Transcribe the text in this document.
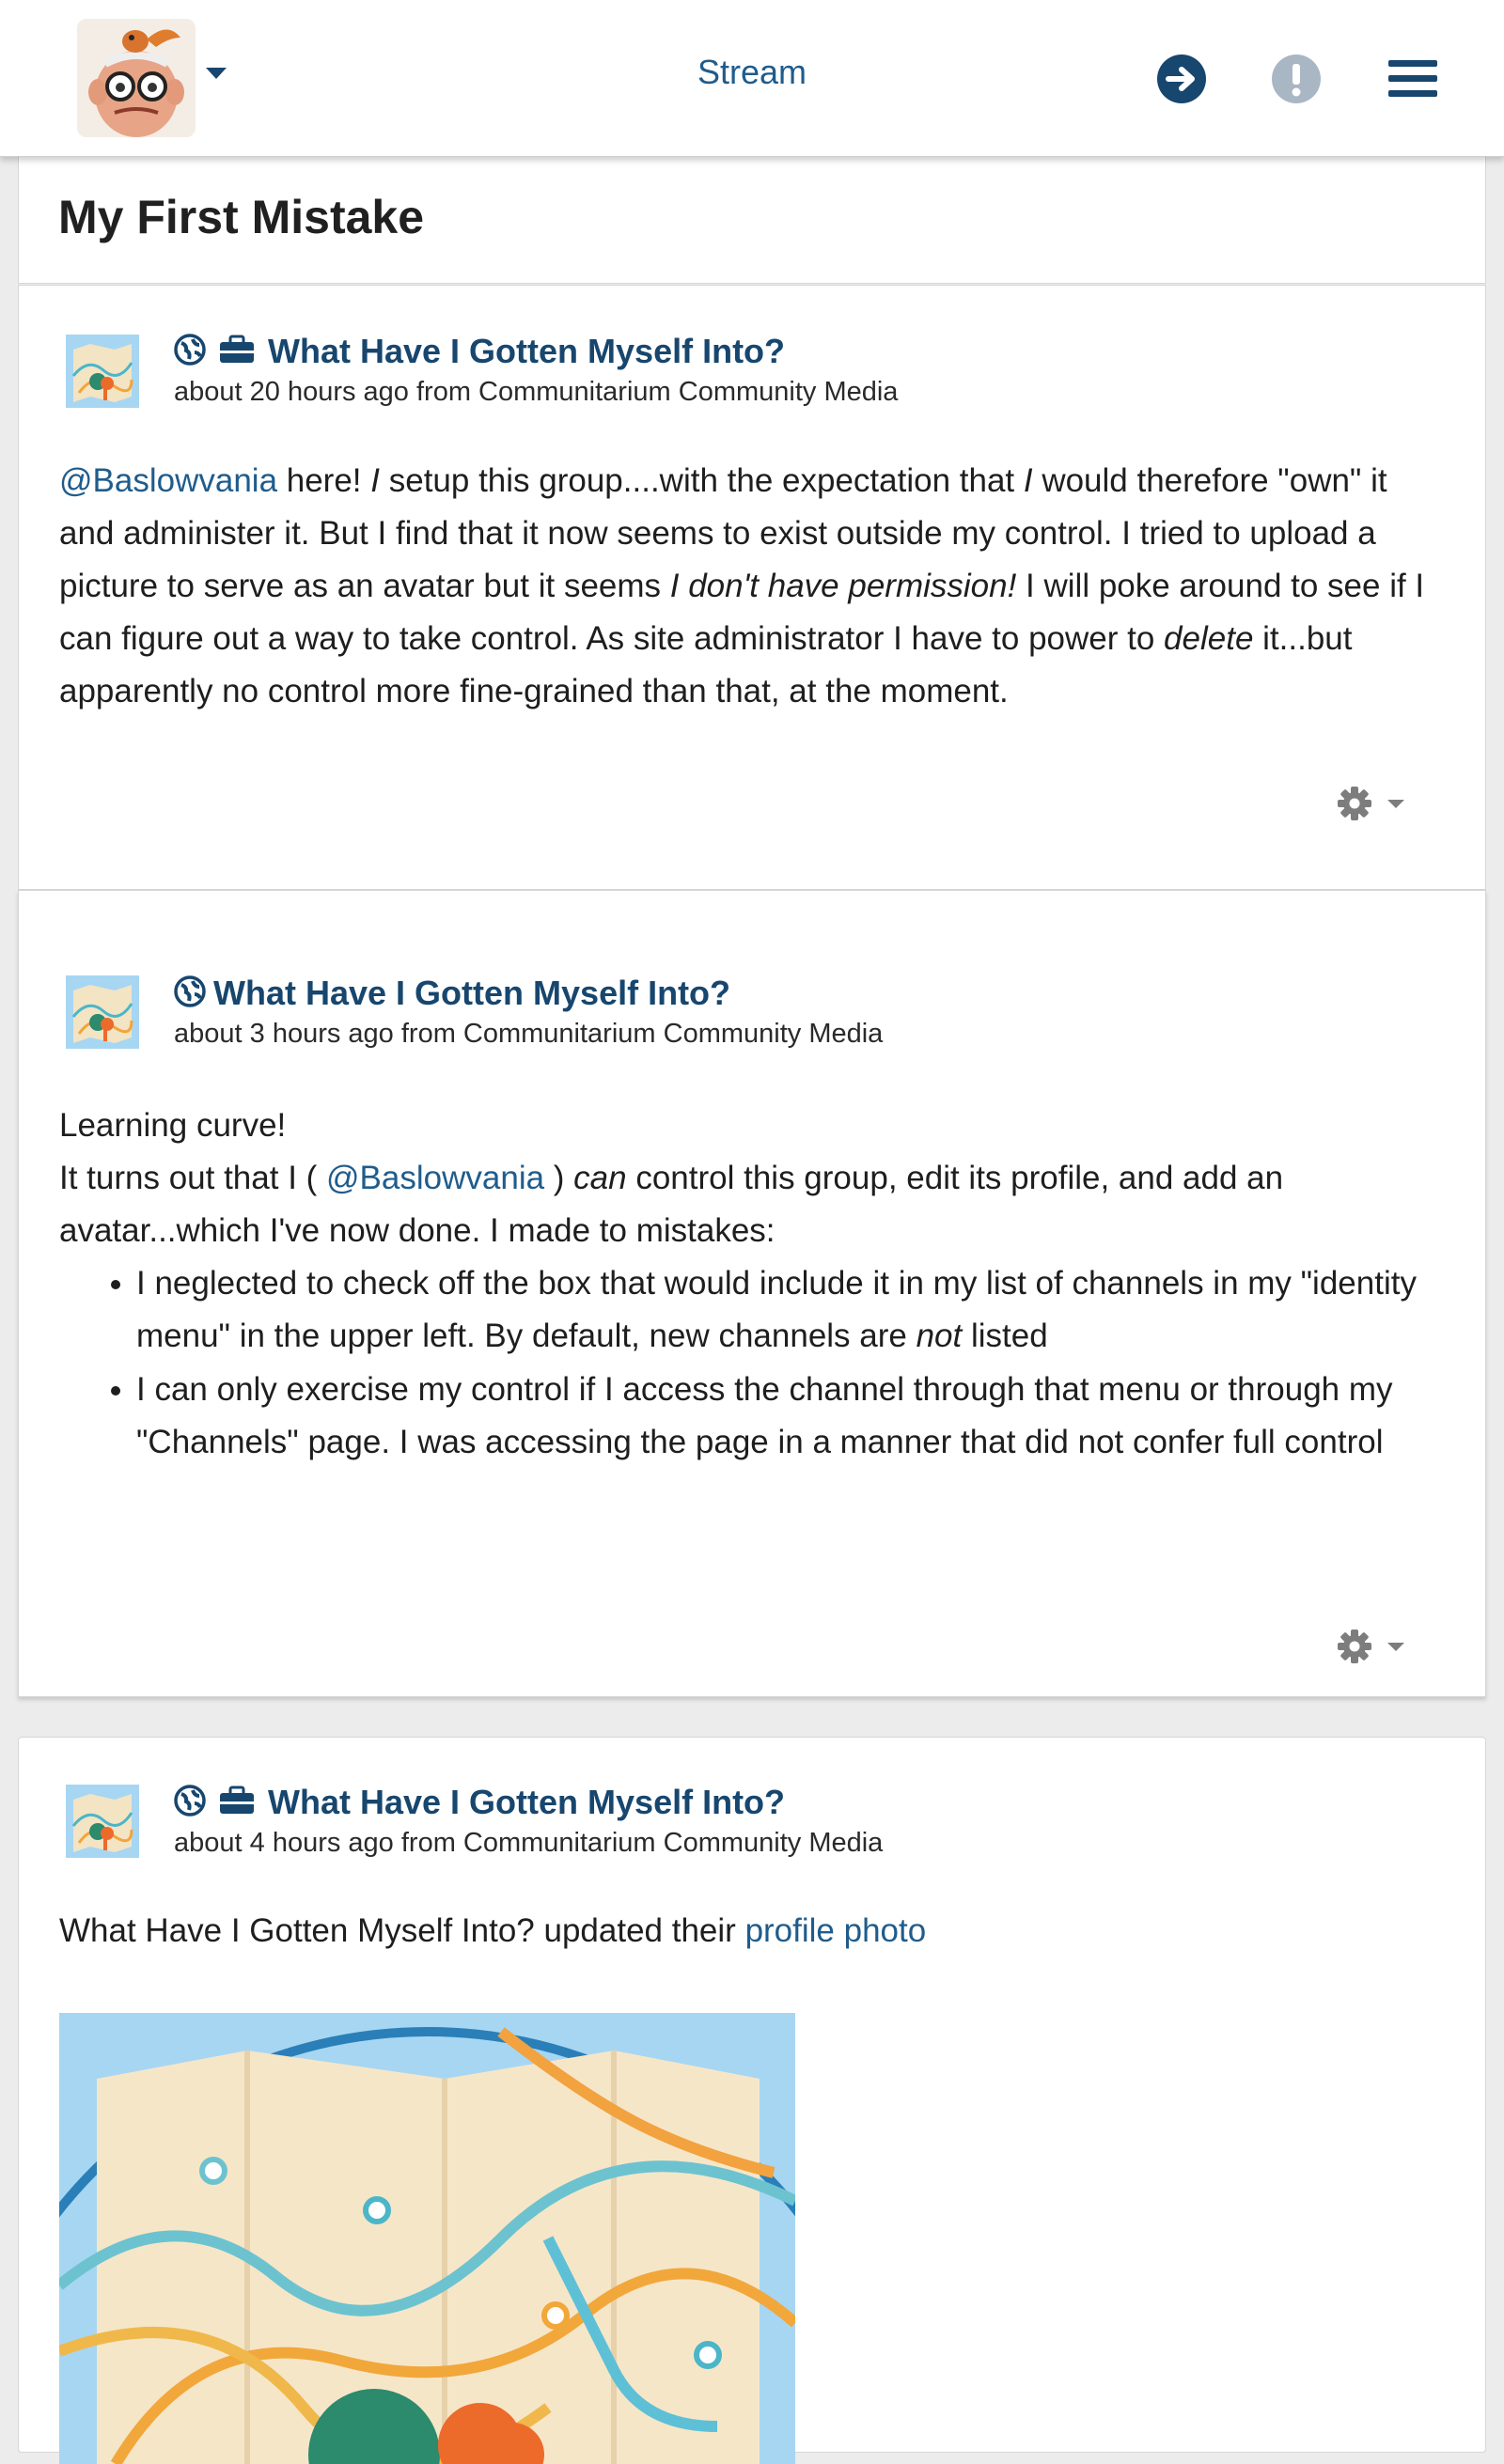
Stream
My First Mistake
What Have I Gotten Myself Into?
about 20 hours ago from Communitarium Community Media

@Baslowvania here! I setup this group....with the expectation that I would therefore "own" it and administer it. But I find that it now seems to exist outside my control. I tried to upload a picture to serve as an avatar but it seems I don't have permission! I will poke around to see if I can figure out a way to take control. As site administrator I have to power to delete it...but apparently no control more fine-grained than that, at the moment.

What Have I Gotten Myself Into?
about 3 hours ago from Communitarium Community Media

Learning curve!

It turns out that I ( @Baslowvania ) can control this group, edit its profile, and add an avatar...which I've now done. I made to mistakes:

• I neglected to check off the box that would include it in my list of channels in my "identity menu" in the upper left. By default, new channels are not listed
• I can only exercise my control if I access the channel through that menu or through my "Channels" page. I was accessing the page in a manner that did not confer full control
What Have I Gotten Myself Into?
about 4 hours ago from Communitarium Community Media

What Have I Gotten Myself Into? updated their profile photo
